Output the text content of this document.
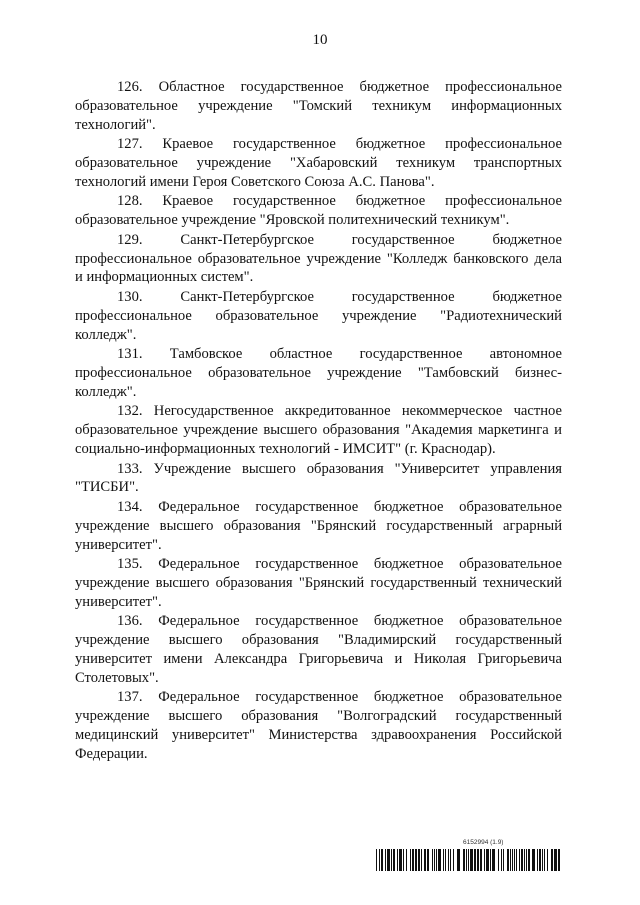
10

126. Областное государственное бюджетное профессиональное образовательное учреждение "Томский техникум информационных технологий".

127. Краевое государственное бюджетное профессиональное образовательное учреждение "Хабаровский техникум транспортных технологий имени Героя Советского Союза А.С. Панова".

128. Краевое государственное бюджетное профессиональное образовательное учреждение "Яровской политехнический техникум".

129. Санкт-Петербургское государственное бюджетное профессиональное образовательное учреждение "Колледж банковского дела и информационных систем".

130. Санкт-Петербургское государственное бюджетное профессиональное образовательное учреждение "Радиотехнический колледж".

131. Тамбовское областное государственное автономное профессиональное образовательное учреждение "Тамбовский бизнес-колледж".

132. Негосударственное аккредитованное некоммерческое частное образовательное учреждение высшего образования "Академия маркетинга и социально-информационных технологий - ИМСИТ" (г. Краснодар).

133. Учреждение высшего образования "Университет управления "ТИСБИ".

134. Федеральное государственное бюджетное образовательное учреждение высшего образования "Брянский государственный аграрный университет".

135. Федеральное государственное бюджетное образовательное учреждение высшего образования "Брянский государственный технический университет".

136. Федеральное государственное бюджетное образовательное учреждение высшего образования "Владимирский государственный университет имени Александра Григорьевича и Николая Григорьевича Столетовых".

137. Федеральное государственное бюджетное образовательное учреждение высшего образования "Волгоградский государственный медицинский университет" Министерства здравоохранения Российской Федерации.

6152994 (1.9)
